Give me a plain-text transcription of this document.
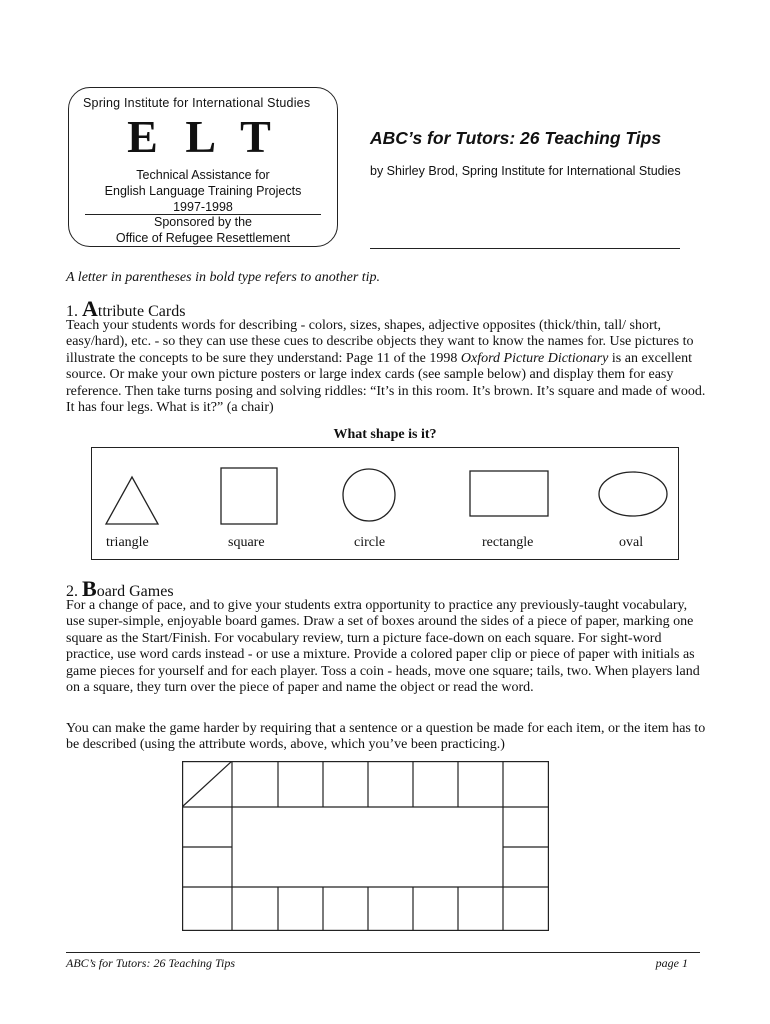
Spring Institute for International Studies
E L T
Technical Assistance for
English Language Training Projects
1997-1998
Sponsored by the
Office of Refugee Resettlement
ABC’s for Tutors: 26 Teaching Tips
by Shirley Brod, Spring Institute for International Studies
A letter in parentheses in bold type refers to another tip.
1. Attribute Cards

Teach your students words for describing - colors, sizes, shapes, adjective opposites (thick/thin, tall/ short, easy/hard), etc. - so they can use these cues to describe objects they want to know the names for. Use pictures to illustrate the concepts to be sure they understand: Page 11 of the 1998 Oxford Picture Dictionary is an excellent source. Or make your own picture posters or large index cards (see sample below) and display them for easy reference. Then take turns posing and solving riddles: “It’s in this room. It’s brown. It’s square and made of wood. It has four legs. What is it?” (a chair)

What shape is it?
triangle	square	circle	rectangle	oval
2. Board Games

For a change of pace, and to give your students extra opportunity to practice any previously-taught vocabulary, use super-simple, enjoyable board games. Draw a set of boxes around the sides of a piece of paper, marking one square as the Start/Finish. For vocabulary review, turn a picture face-down on each square. For sight-word practice, use word cards instead - or use a mixture. Provide a colored paper clip or piece of paper with initials as game pieces for yourself and for each player. Toss a coin - heads, move one square; tails, two. When players land on a square, they turn over the piece of paper and name the object or read the word.

You can make the game harder by requiring that a sentence or a question be made for each item, or the item has to be described (using the attribute words, above, which you’ve been practicing.)

ABC’s for Tutors: 26 Teaching Tips	page 1
